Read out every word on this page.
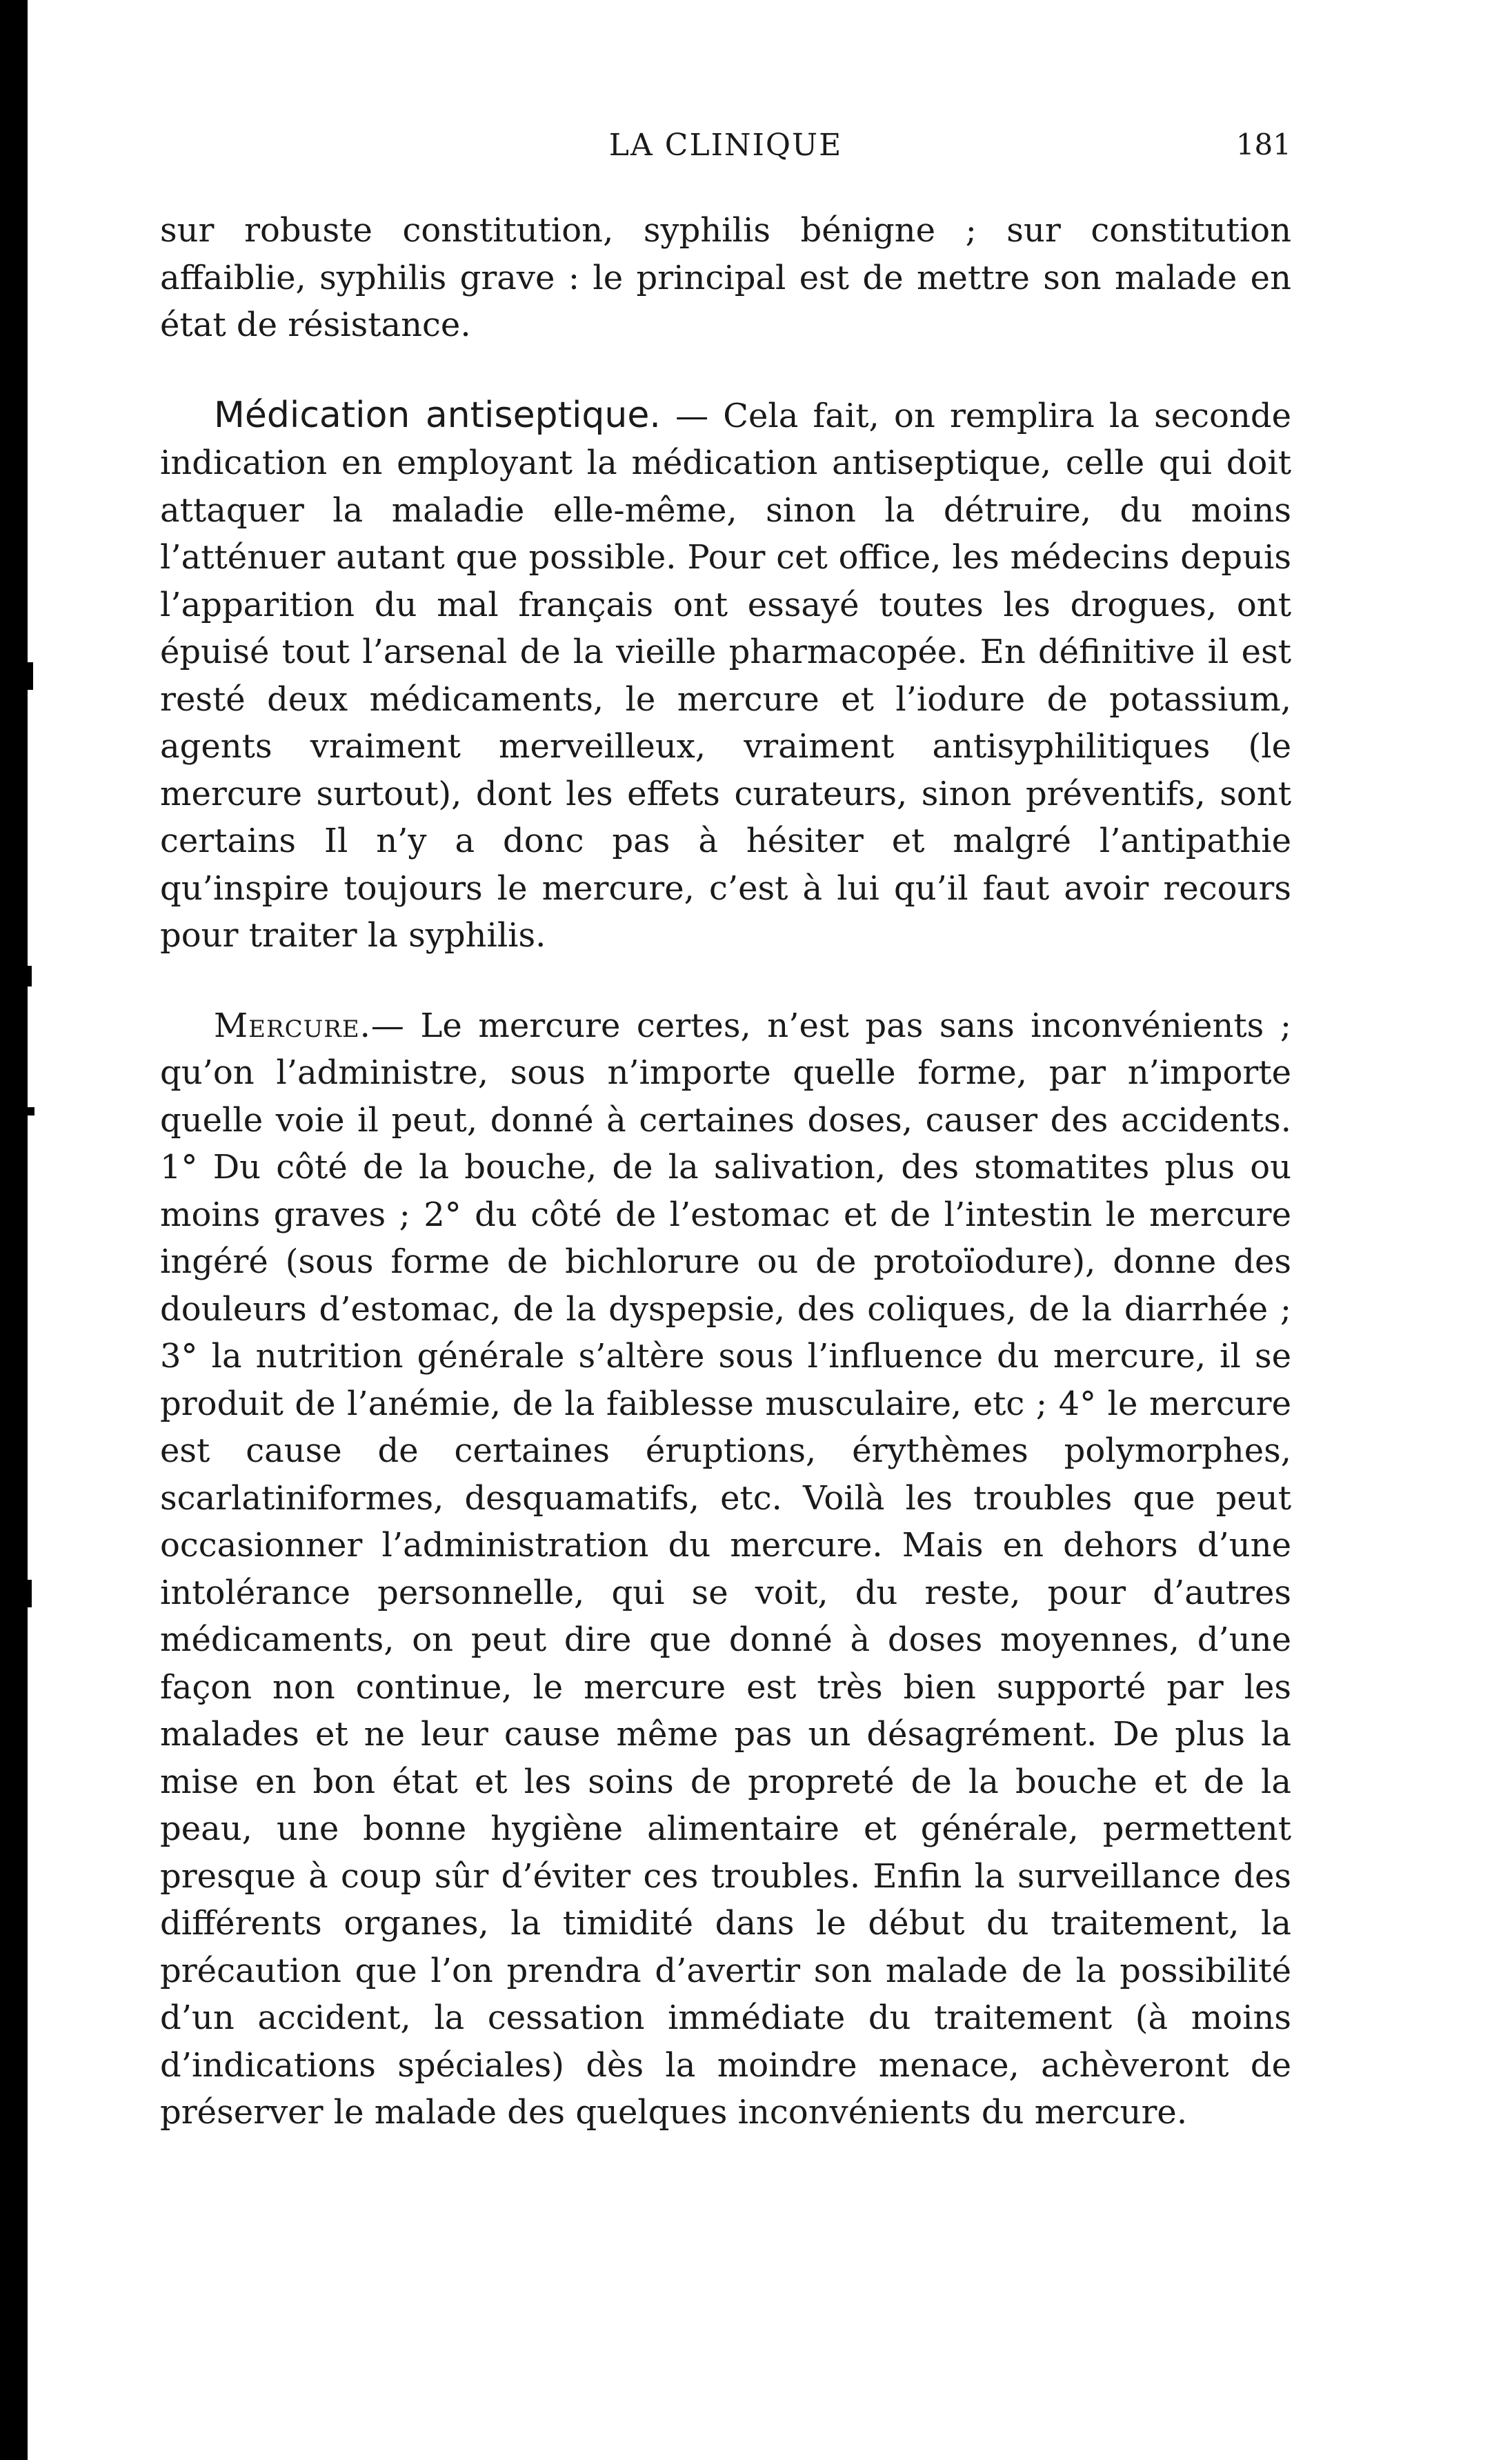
LA CLINIQUE	181

sur robuste constitution, syphilis bénigne ; sur constitution affaiblie, syphilis grave : le principal est de mettre son malade en état de résistance.

Médication antiseptique. — Cela fait, on remplira la seconde indication en employant la médication antiseptique, celle qui doit attaquer la maladie elle-même, sinon la détruire, du moins l’atténuer autant que possible. Pour cet office, les médecins depuis l’apparition du mal français ont essayé toutes les drogues, ont épuisé tout l’arsenal de la vieille pharmacopée. En définitive il est resté deux médicaments, le mercure et l’iodure de potassium, agents vraiment merveilleux, vraiment antisyphilitiques (le mercure surtout), dont les effets curateurs, sinon préventifs, sont certains Il n’y a donc pas à hésiter et malgré l’antipathie qu’inspire toujours le mercure, c’est à lui qu’il faut avoir recours pour traiter la syphilis.

Mercure.— Le mercure certes, n’est pas sans inconvénients ; qu’on l’administre, sous n’importe quelle forme, par n’importe quelle voie il peut, donné à certaines doses, causer des accidents. 1° Du côté de la bouche, de la salivation, des stomatites plus ou moins graves ; 2° du côté de l’estomac et de l’intestin le mercure ingéré (sous forme de bichlorure ou de protoïodure), donne des douleurs d’estomac, de la dyspepsie, des coliques, de la diarrhée ; 3° la nutrition générale s’altère sous l’influence du mercure, il se produit de l’anémie, de la faiblesse musculaire, etc ; 4° le mercure est cause de certaines éruptions, érythèmes polymorphes, scarlatiniformes, desquamatifs, etc. Voilà les troubles que peut occasionner l’administration du mercure. Mais en dehors d’une intolérance personnelle, qui se voit, du reste, pour d’autres médicaments, on peut dire que donné à doses moyennes, d’une façon non continue, le mercure est très bien supporté par les malades et ne leur cause même pas un désagrément. De plus la mise en bon état et les soins de propreté de la bouche et de la peau, une bonne hygiène alimentaire et générale, permettent presque à coup sûr d’éviter ces troubles. Enfin la surveillance des différents organes, la timidité dans le début du traitement, la précaution que l’on prendra d’avertir son malade de la possibilité d’un accident, la cessation immédiate du traitement (à moins d’indications spéciales) dès la moindre menace, achèveront de préserver le malade des quelques inconvénients du mercure.
